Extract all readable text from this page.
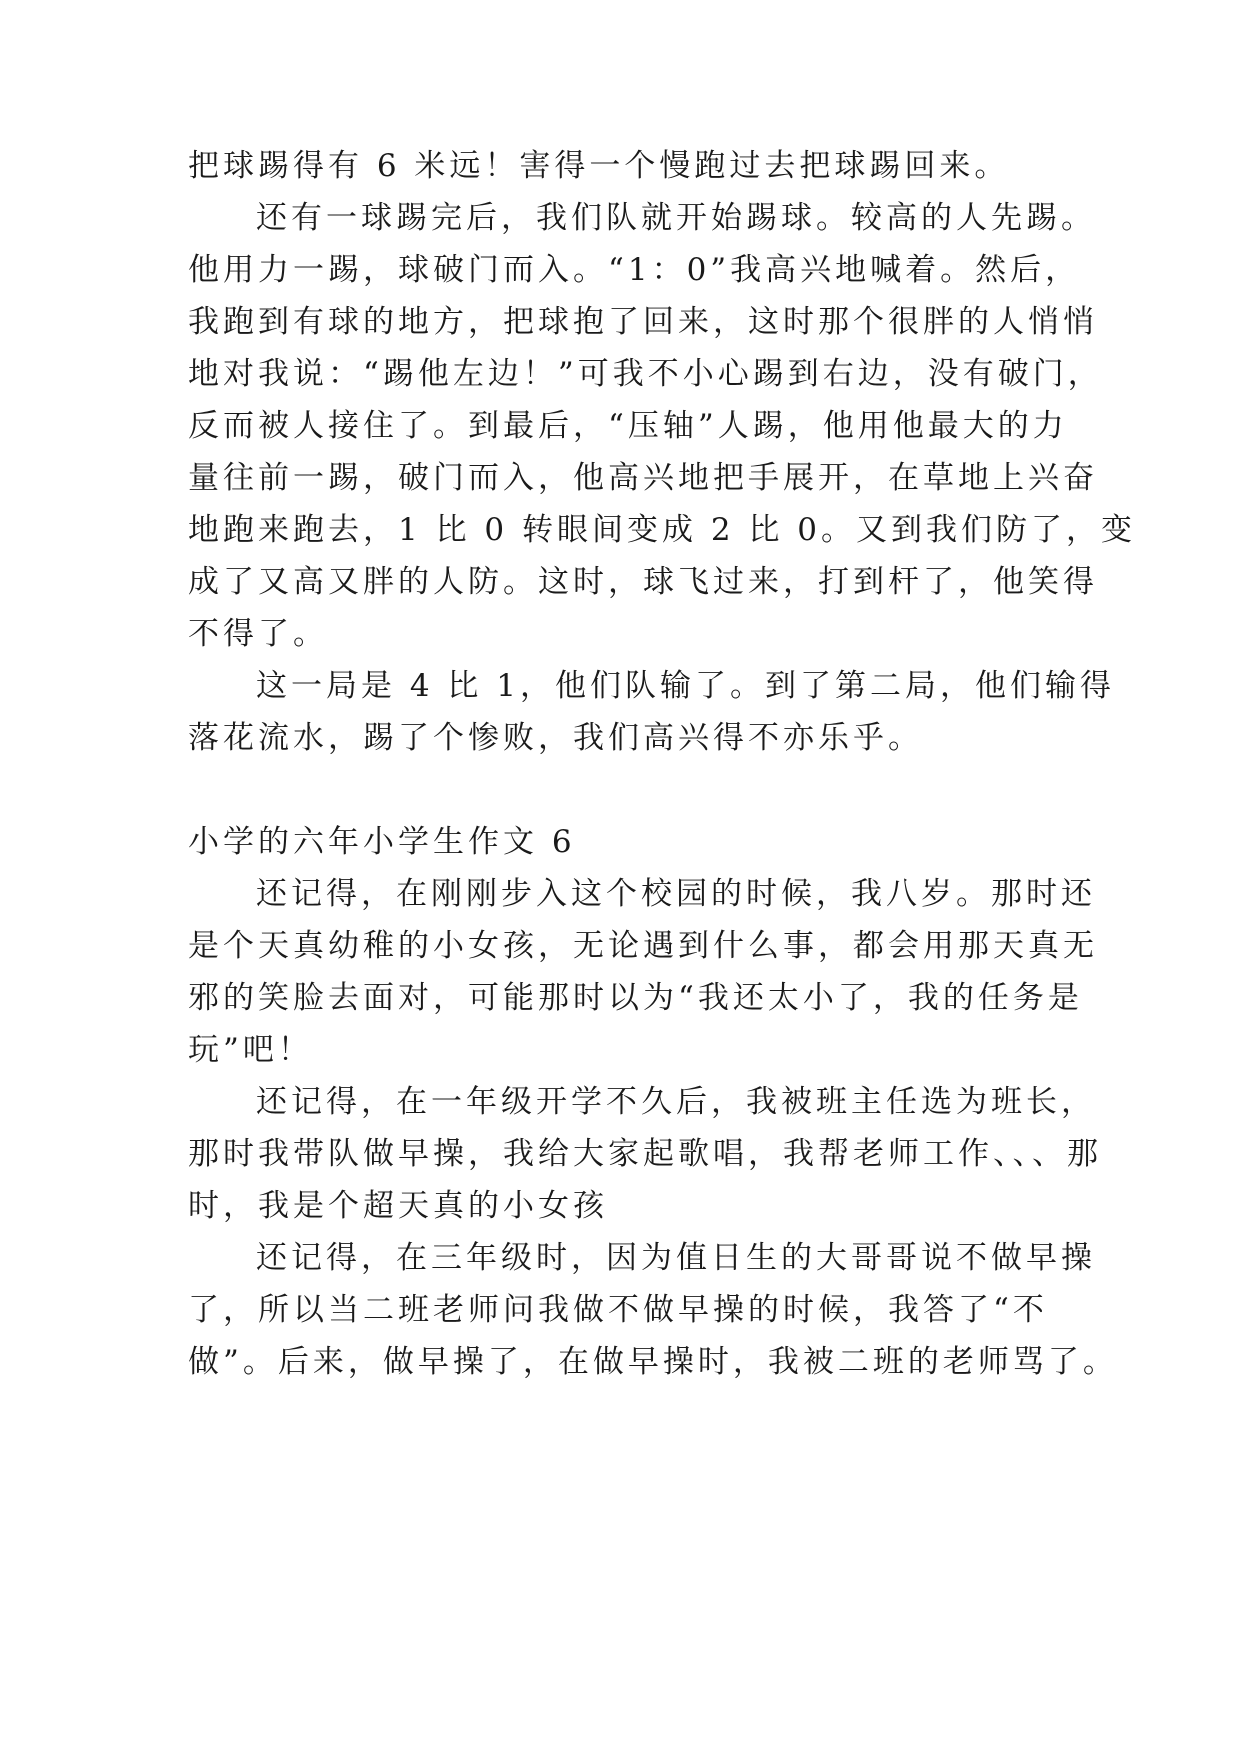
把球踢得有 6 米远！害得一个慢跑过去把球踢回来。
还有一球踢完后，我们队就开始踢球。较高的人先踢。
他用力一踢，球破门而入。“1：0”我高兴地喊着。然后，
我跑到有球的地方，把球抱了回来，这时那个很胖的人悄悄
地对我说：“踢他左边！”可我不小心踢到右边，没有破门，
反而被人接住了。到最后，“压轴”人踢，他用他最大的力
量往前一踢，破门而入，他高兴地把手展开，在草地上兴奋
地跑来跑去，1 比 0 转眼间变成 2 比 0。又到我们防了，变
成了又高又胖的人防。这时，球飞过来，打到杆了，他笑得
不得了。
这一局是 4 比 1，他们队输了。到了第二局，他们输得
落花流水，踢了个惨败，我们高兴得不亦乐乎。
小学的六年小学生作文 6
还记得，在刚刚步入这个校园的时候，我八岁。那时还
是个天真幼稚的小女孩，无论遇到什么事，都会用那天真无
邪的笑脸去面对，可能那时以为“我还太小了，我的任务是
玩”吧！
还记得，在一年级开学不久后，我被班主任选为班长，
那时我带队做早操，我给大家起歌唱，我帮老师工作、、、那
时，我是个超天真的小女孩
还记得，在三年级时，因为值日生的大哥哥说不做早操
了，所以当二班老师问我做不做早操的时候，我答了“不
做”。后来，做早操了，在做早操时，我被二班的老师骂了。
